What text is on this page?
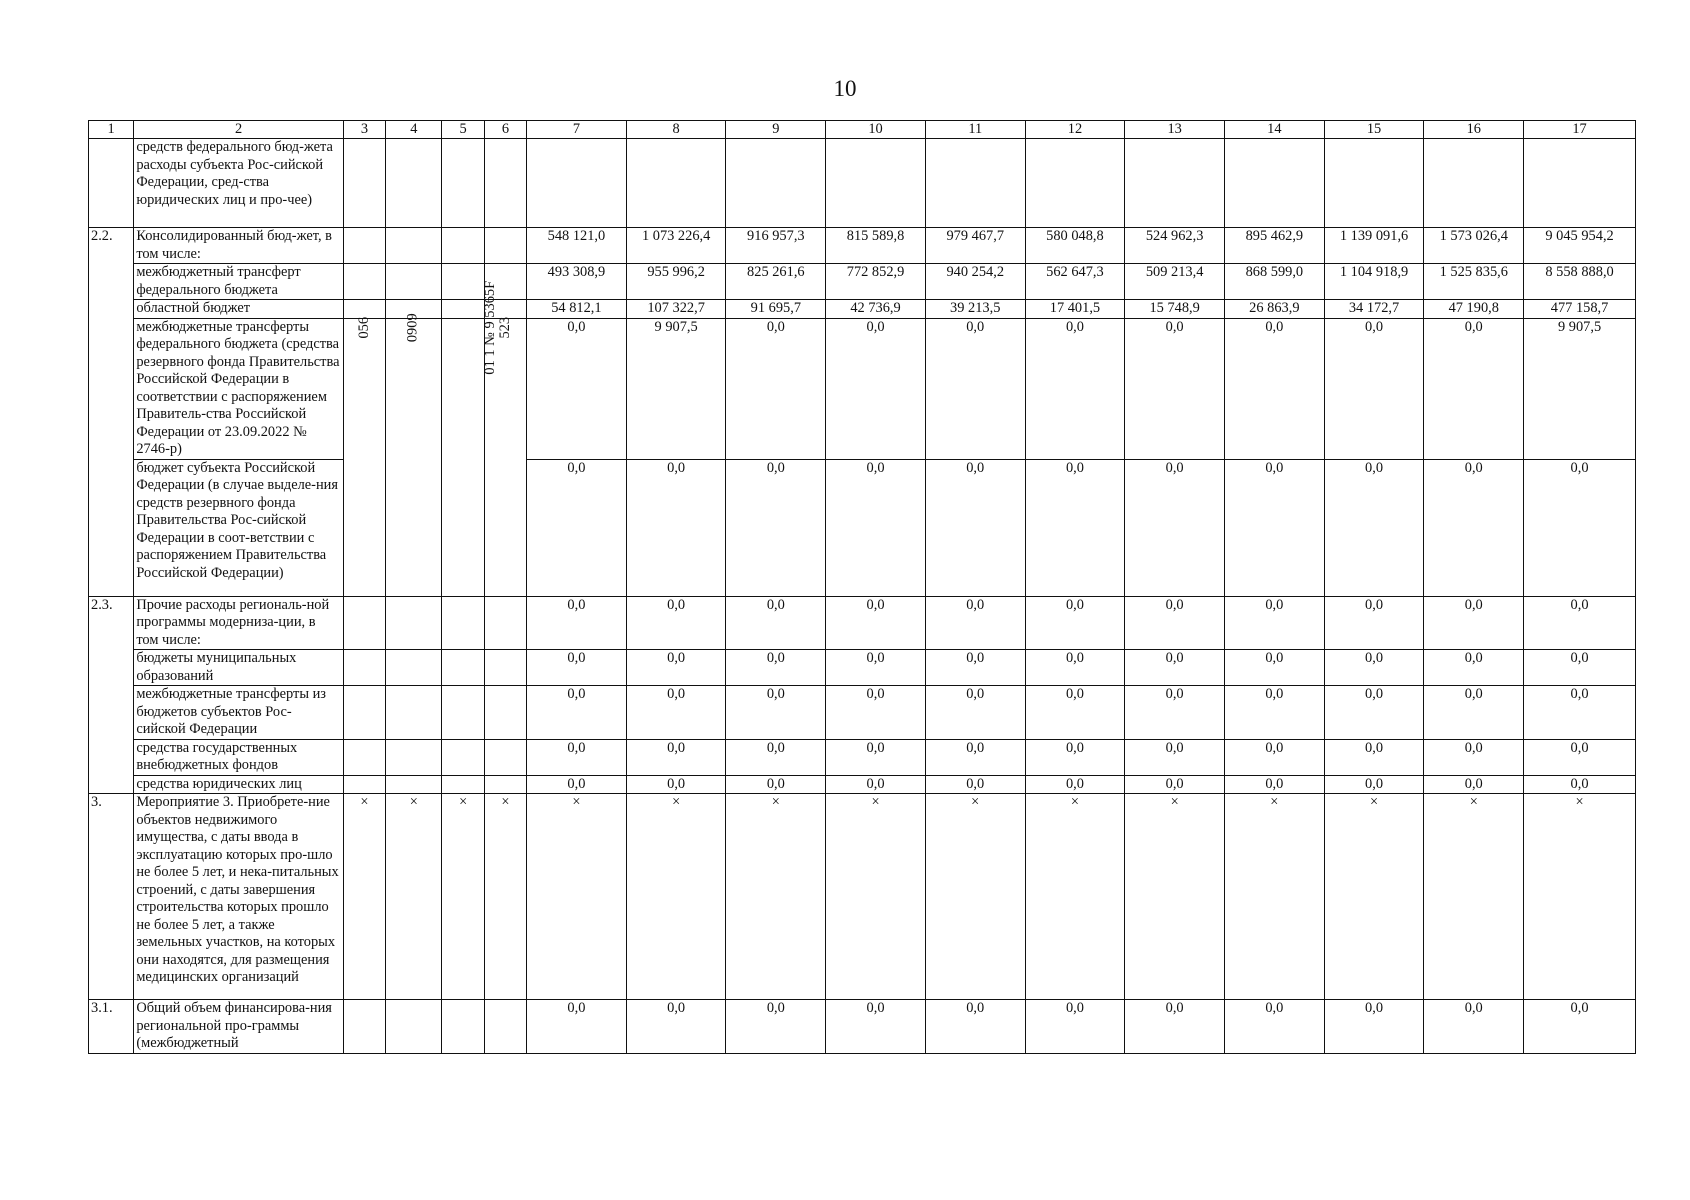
10
1	2	3	4	5	6	7	8	9	10	11	12	13	14	15	16	17
	средств федерального бюд-жета расходы субъекта Рос-сийской Федерации, сред-ства юридических лиц и про-чее)															
2.2.	Консолидированный бюд-жет, в том числе:					548 121,0	1 073 226,4	916 957,3	815 589,8	979 467,7	580 048,8	524 962,3	895 462,9	1 139 091,6	1 573 026,4	9 045 954,2
	межбюджетный трансферт федерального бюджета					493 308,9	955 996,2	825 261,6	772 852,9	940 254,2	562 647,3	509 213,4	868 599,0	1 104 918,9	1 525 835,6	8 558 888,0
	областной бюджет					54 812,1	107 322,7	91 695,7	42 736,9	39 213,5	17 401,5	15 748,9	26 863,9	34 172,7	47 190,8	477 158,7
	межбюджетные трансферты федерального бюджета (средства резервного фонда Правительства Российской Федерации в соответствии с распоряжением Правитель-ства Российской Федерации от 23.09.2022 № 2746-р)	056	0909	01 1 № 9 5365F	523	0,0	9 907,5	0,0	0,0	0,0	0,0	0,0	0,0	0,0	0,0	9 907,5
	бюджет субъекта Российской Федерации (в случае выделе-ния средств резервного фонда Правительства Рос-сийской Федерации в соот-ветствии с распоряжением Правительства Российской Федерации)					0,0	0,0	0,0	0,0	0,0	0,0	0,0	0,0	0,0	0,0	0,0
2.3.	Прочие расходы региональ-ной программы модерниза-ции, в том числе:					0,0	0,0	0,0	0,0	0,0	0,0	0,0	0,0	0,0	0,0	0,0
	бюджеты муниципальных образований					0,0	0,0	0,0	0,0	0,0	0,0	0,0	0,0	0,0	0,0	0,0
	межбюджетные трансферты из бюджетов субъектов Рос-сийской Федерации					0,0	0,0	0,0	0,0	0,0	0,0	0,0	0,0	0,0	0,0	0,0
	средства государственных внебюджетных фондов					0,0	0,0	0,0	0,0	0,0	0,0	0,0	0,0	0,0	0,0	0,0
	средства юридических лиц					0,0	0,0	0,0	0,0	0,0	0,0	0,0	0,0	0,0	0,0	0,0
3.	Мероприятие 3. Приобрете-ние объектов недвижимого имущества, с даты ввода в эксплуатацию которых про-шло не более 5 лет, и нека-питальных строений, с даты завершения строительства которых прошло не более 5 лет, а также земельных участков, на которых они находятся, для размещения медицинских организаций	×	×	×	×	×	×	×	×	×	×	×	×	×	×	×
3.1.	Общий объем финансирова-ния региональной про-граммы (межбюджетный					0,0	0,0	0,0	0,0	0,0	0,0	0,0	0,0	0,0	0,0	0,0
